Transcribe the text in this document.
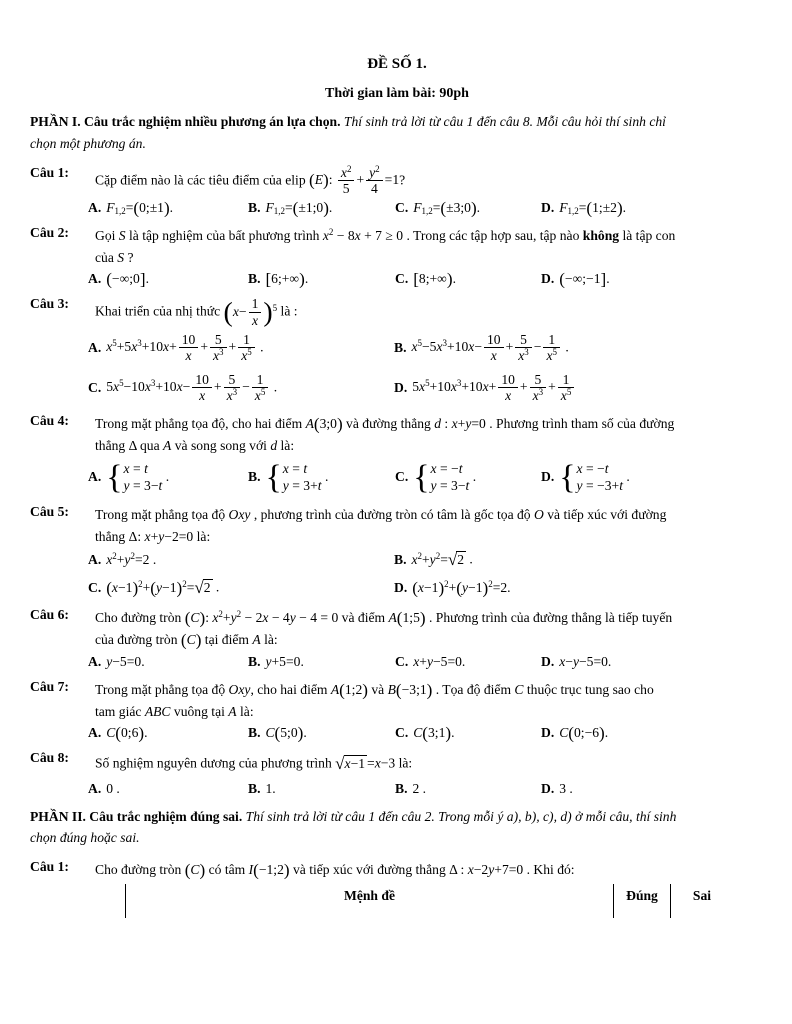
ĐỀ SỐ 1.

Thời gian làm bài: 90ph

PHẦN I. Câu trắc nghiệm nhiều phương án lựa chọn. Thí sinh trả lời từ câu 1 đến câu 8. Mỗi câu hỏi thí sinh chỉ
chọn một phương án.

Câu 1:	Cặp điểm nào là các tiêu điểm của elip (E): $\frac{x^2}{5} + \frac{y^2}{4} =1$?
A. $F_{1,2}=(0;\pm 1)$.	B. $F_{1,2}=(\pm 1;0)$.	C. $F_{1,2}=(\pm 3;0)$.	D. $F_{1,2}=(1;\pm 2)$.
Câu 2:	Gọi S là tập nghiệm của bất phương trình $x^2 - 8x + 7 \ge 0$ . Trong các tập hợp sau, tập nào không là tập con
của S ?
A. (−∞;0].	B. [6;+∞).	C. [8;+∞).	D. (−∞;−1].
Câu 3:	Khai triển của nhị thức $(x- \frac{1}{x} )^5$ là :
A. $x^5+5x^3+10x+ \frac{10}{x} + \frac{5}{x^3} + \frac{1}{x^5}$ .	B. $x^5-5x^3+10x- \frac{10}{x} + \frac{5}{x^3} - \frac{1}{x^5}$ .
C. $5x^5-10x^3+10x- \frac{10}{x} + \frac{5}{x^3} - \frac{1}{x^5}$ .	D. $5x^5+10x^3+10x+ \frac{10}{x} + \frac{5}{x^3} + \frac{1}{x^5}$
Câu 4:	Trong mặt phẳng tọa độ, cho hai điểm A(3;0) và đường thẳng d : x+y=0 . Phương trình tham số của đường
thẳng Δ qua A và song song với d là:
A. { x = t
y = 3−t
.	B. { x = t
y = 3+t
.	C. { x = −t
y = 3−t
.	D. { x = −t
y = −3+t
.
Câu 5:	Trong mặt phẳng tọa độ Oxy , phương trình của đường tròn có tâm là gốc tọa độ O và tiếp xúc với đường
thẳng Δ: x+y−2=0 là:
A. $x^2+y^2=2$ .	B. $x^2+y^2=√2$ .
C. $(x-1)^2+(y-1)^2=√2$ .	D. $(x-1)^2+(y-1)^2=2$.
Câu 6:	Cho đường tròn (C): $x^2+y^2 - 2x - 4y - 4 = 0$ và điểm A(1;5) . Phương trình của đường thẳng là tiếp tuyến
của đường tròn (C) tại điểm A là:
A. y−5=0.	B. y+5=0.	C. x+y−5=0.	D. x−y−5=0.
Câu 7:	Trong mặt phẳng tọa độ Oxy, cho hai điểm A(1;2) và B(−3;1) . Tọa độ điểm C thuộc trục tung sao cho
tam giác ABC vuông tại A là:
A. C(0;6).	B. C(5;0).	C. C(3;1).	D. C(0;−6).
Câu 8:	Số nghiệm nguyên dương của phương trình √x−1 =x−3 là:
A. 0 .	B. 1.	B. 2 .	D. 3 .

PHẦN II. Câu trắc nghiệm đúng sai. Thí sinh trả lời từ câu 1 đến câu 2. Trong mỗi ý a), b), c), d) ở mỗi câu, thí sinh
chọn đúng hoặc sai.

Câu 1:	Cho đường tròn (C) có tâm I(−1;2) và tiếp xúc với đường thẳng Δ : x−2y+7=0 . Khi đó:
Mệnh đề	Đúng	Sai
